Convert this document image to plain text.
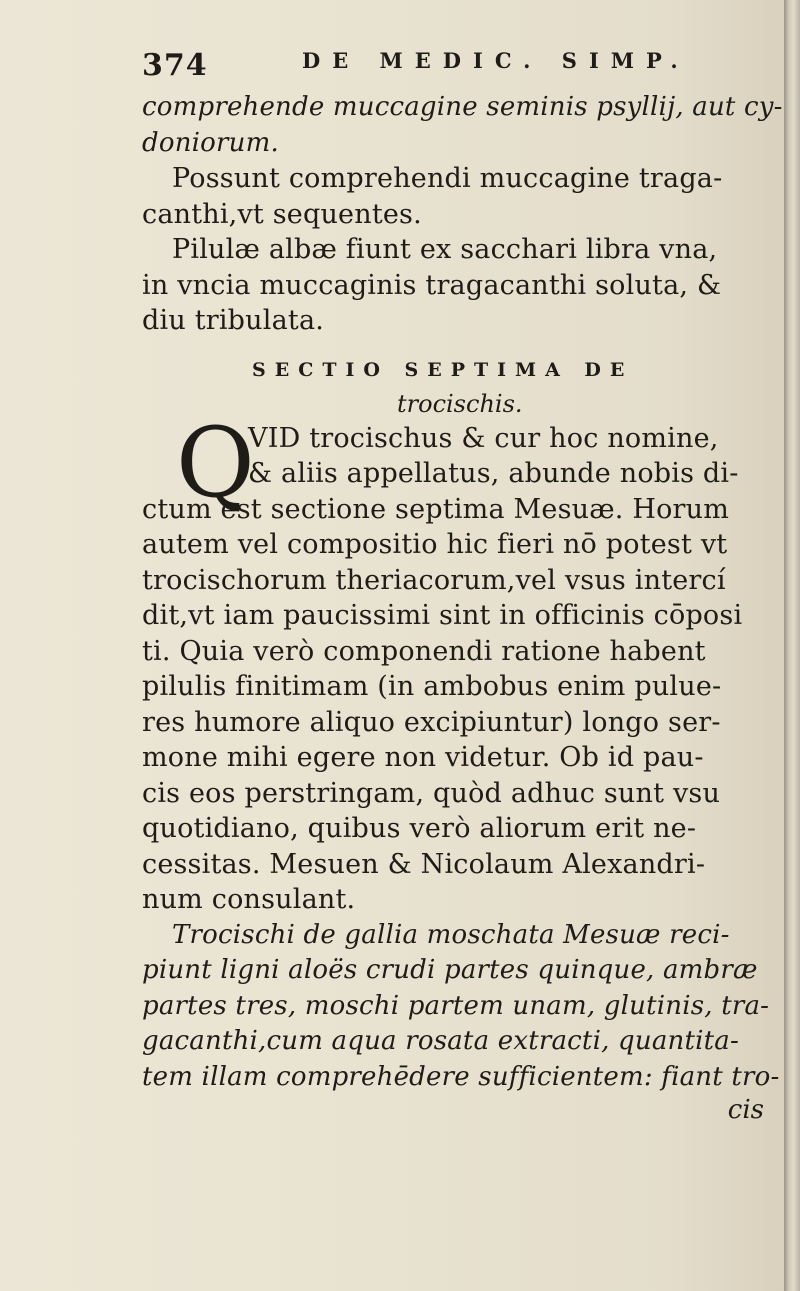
374	DE MEDIC. SIMP.
comprehende muccagine seminis psyllij, aut cy-
doniorum.
Possunt comprehendi muccagine traga-
canthi,vt sequentes.
Pilulæ albæ fiunt ex sacchari libra vna,
in vncia muccaginis tragacanthi soluta, &
diu tribulata.
SECTIO SEPTIMA DE
trocischis.
Q
VID trocischus & cur hoc nomine,
& aliis appellatus, abunde nobis di-
ctum est sectione septima Mesuæ. Horum
autem vel compositio hic fieri nō potest vt
trocischorum theriacorum,vel vsus intercí
dit,vt iam paucissimi sint in officinis cōposi
ti. Quia verò componendi ratione habent
pilulis finitimam (in ambobus enim pulue-
res humore aliquo excipiuntur) longo ser-
mone mihi egere non videtur. Ob id pau-
cis eos perstringam, quòd adhuc sunt vsu
quotidiano, quibus verò aliorum erit ne-
cessitas. Mesuen & Nicolaum Alexandri-
num consulant.
Trocischi de gallia moschata Mesuæ reci-
piunt ligni aloës crudi partes quinque, ambræ
partes tres, moschi partem unam, glutinis, tra-
gacanthi,cum aqua rosata extracti, quantita-
tem illam comprehēdere sufficientem: fiant tro-
cis
